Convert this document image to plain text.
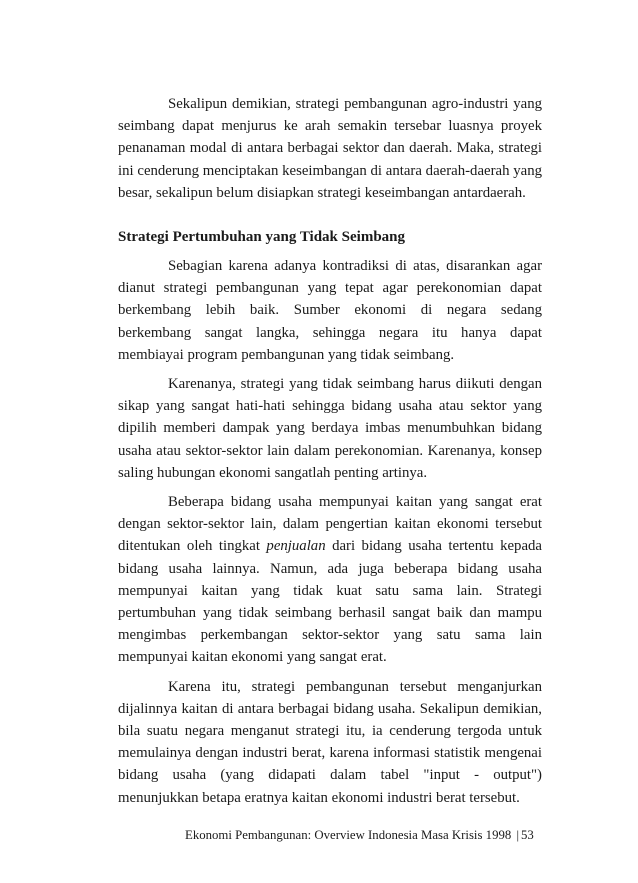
Sekalipun demikian, strategi pembangunan agro-industri yang seimbang dapat menjurus ke arah semakin tersebar luasnya proyek penanaman modal di antara berbagai sektor dan daerah. Maka, strategi ini cenderung menciptakan keseimbangan di antara daerah-daerah yang besar, sekalipun belum disiapkan strategi keseimbangan antardaerah.

Strategi Pertumbuhan yang Tidak Seimbang

Sebagian karena adanya kontradiksi di atas, disarankan agar dianut strategi pembangunan yang tepat agar perekonomian dapat berkembang lebih baik. Sumber ekonomi di negara sedang berkembang sangat langka, sehingga negara itu hanya dapat membiayai program pembangunan yang tidak seimbang.

Karenanya, strategi yang tidak seimbang harus diikuti dengan sikap yang sangat hati-hati sehingga bidang usaha atau sektor yang dipilih memberi dampak yang berdaya imbas menumbuhkan bidang usaha atau sektor-sektor lain dalam perekonomian. Karenanya, konsep saling hubungan ekonomi sangatlah penting artinya.

Beberapa bidang usaha mempunyai kaitan yang sangat erat dengan sektor-sektor lain, dalam pengertian kaitan ekonomi tersebut ditentukan oleh tingkat penjualan dari bidang usaha tertentu kepada bidang usaha lainnya. Namun, ada juga beberapa bidang usaha mempunyai kaitan yang tidak kuat satu sama lain. Strategi pertumbuhan yang tidak seimbang berhasil sangat baik dan mampu mengimbas perkembangan sektor-sektor yang satu sama lain mempunyai kaitan ekonomi yang sangat erat.

Karena itu, strategi pembangunan tersebut menganjurkan dijalinnya kaitan di antara berbagai bidang usaha. Sekalipun demikian, bila suatu negara menganut strategi itu, ia cenderung tergoda untuk memulainya dengan industri berat, karena informasi statistik mengenai bidang usaha (yang didapati dalam tabel "input - output") menunjukkan betapa eratnya kaitan ekonomi industri berat tersebut.

Ekonomi Pembangunan: Overview Indonesia Masa Krisis 1998 | 53
